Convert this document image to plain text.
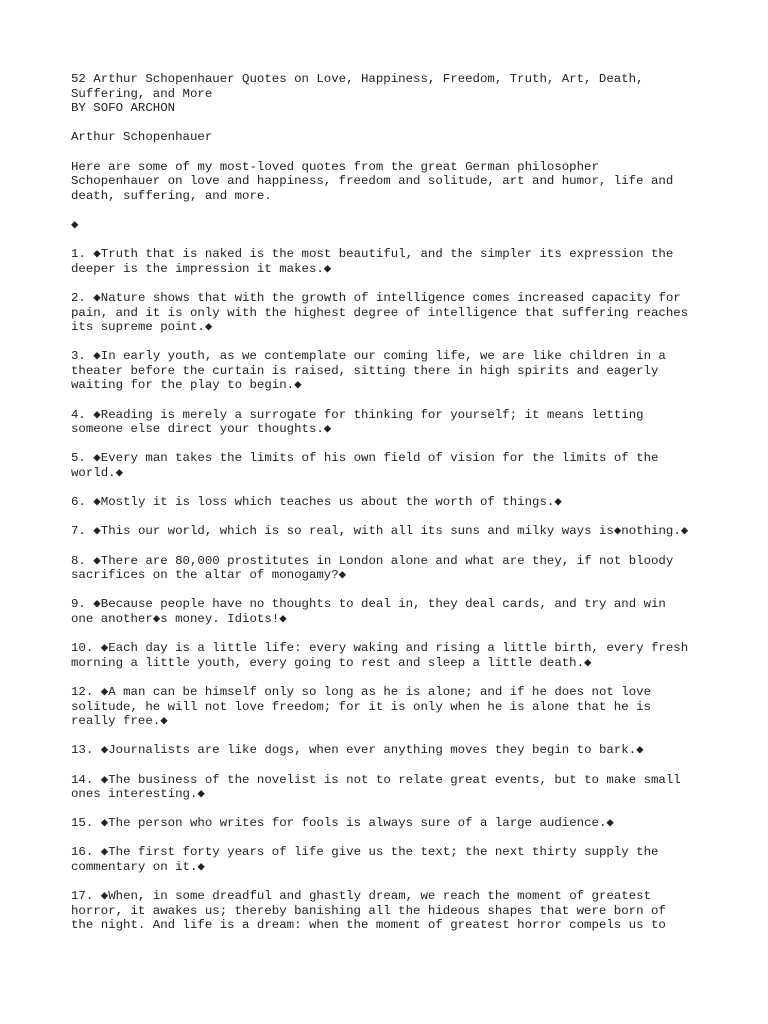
52 Arthur Schopenhauer Quotes on Love, Happiness, Freedom, Truth, Art, Death,
Suffering, and More
BY SOFO ARCHON
Arthur Schopenhauer
Here are some of my most-loved quotes from the great German philosopher
Schopenhauer on love and happiness, freedom and solitude, art and humor, life and
death, suffering, and more.
◆
1. ◆Truth that is naked is the most beautiful, and the simpler its expression the
deeper is the impression it makes.◆
2. ◆Nature shows that with the growth of intelligence comes increased capacity for
pain, and it is only with the highest degree of intelligence that suffering reaches
its supreme point.◆
3. ◆In early youth, as we contemplate our coming life, we are like children in a
theater before the curtain is raised, sitting there in high spirits and eagerly
waiting for the play to begin.◆
4. ◆Reading is merely a surrogate for thinking for yourself; it means letting
someone else direct your thoughts.◆
5. ◆Every man takes the limits of his own field of vision for the limits of the
world.◆
6. ◆Mostly it is loss which teaches us about the worth of things.◆
7. ◆This our world, which is so real, with all its suns and milky ways is◆nothing.◆
8. ◆There are 80,000 prostitutes in London alone and what are they, if not bloody
sacrifices on the altar of monogamy?◆
9. ◆Because people have no thoughts to deal in, they deal cards, and try and win
one another◆s money. Idiots!◆
10. ◆Each day is a little life: every waking and rising a little birth, every fresh
morning a little youth, every going to rest and sleep a little death.◆
12. ◆A man can be himself only so long as he is alone; and if he does not love
solitude, he will not love freedom; for it is only when he is alone that he is
really free.◆
13. ◆Journalists are like dogs, when ever anything moves they begin to bark.◆
14. ◆The business of the novelist is not to relate great events, but to make small
ones interesting.◆
15. ◆The person who writes for fools is always sure of a large audience.◆
16. ◆The first forty years of life give us the text; the next thirty supply the
commentary on it.◆
17. ◆When, in some dreadful and ghastly dream, we reach the moment of greatest
horror, it awakes us; thereby banishing all the hideous shapes that were born of
the night. And life is a dream: when the moment of greatest horror compels us to
